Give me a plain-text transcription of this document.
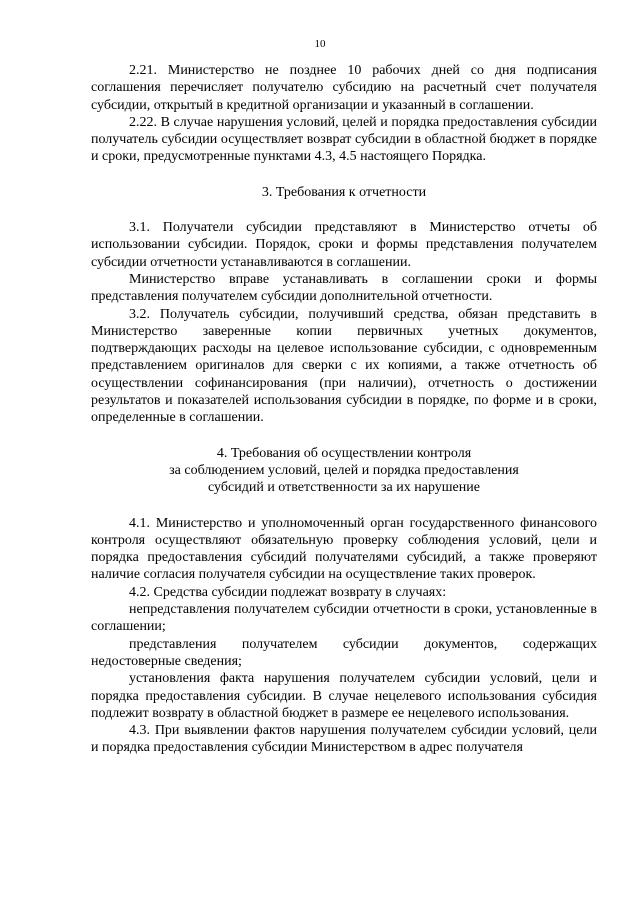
10

2.21. Министерство не позднее 10 рабочих дней со дня подписания соглашения перечисляет получателю субсидию на расчетный счет получателя субсидии, открытый в кредитной организации и указанный в соглашении.

2.22. В случае нарушения условий, целей и порядка предоставления субсидии получатель субсидии осуществляет возврат субсидии в областной бюджет в порядке и сроки, предусмотренные пунктами 4.3, 4.5 настоящего Порядка.

3. Требования к отчетности

3.1. Получатели субсидии представляют в Министерство отчеты об использовании субсидии. Порядок, сроки и формы представления получателем субсидии отчетности устанавливаются в соглашении.

Министерство вправе устанавливать в соглашении сроки и формы представления получателем субсидии дополнительной отчетности.

3.2. Получатель субсидии, получивший средства, обязан представить в Министерство заверенные копии первичных учетных документов, подтверждающих расходы на целевое использование субсидии, с одновременным представлением оригиналов для сверки с их копиями, а также отчетность об осуществлении софинансирования (при наличии), отчетность о достижении результатов и показателей использования субсидии в порядке, по форме и в сроки, определенные в соглашении.

4. Требования об осуществлении контроля

за соблюдением условий, целей и порядка предоставления

субсидий и ответственности за их нарушение

4.1. Министерство и уполномоченный орган государственного финансового контроля осуществляют обязательную проверку соблюдения условий, цели и порядка предоставления субсидий получателями субсидий, а также проверяют наличие согласия получателя субсидии на осуществление таких проверок.

4.2. Средства субсидии подлежат возврату в случаях:

непредставления получателем субсидии отчетности в сроки, установленные в соглашении;

представления получателем субсидии документов, содержащих недостоверные сведения;

установления факта нарушения получателем субсидии условий, цели и порядка предоставления субсидии. В случае нецелевого использования субсидия подлежит возврату в областной бюджет в размере ее нецелевого использования.

4.3. При выявлении фактов нарушения получателем субсидии условий, цели и порядка предоставления субсидии Министерством в адрес получателя
